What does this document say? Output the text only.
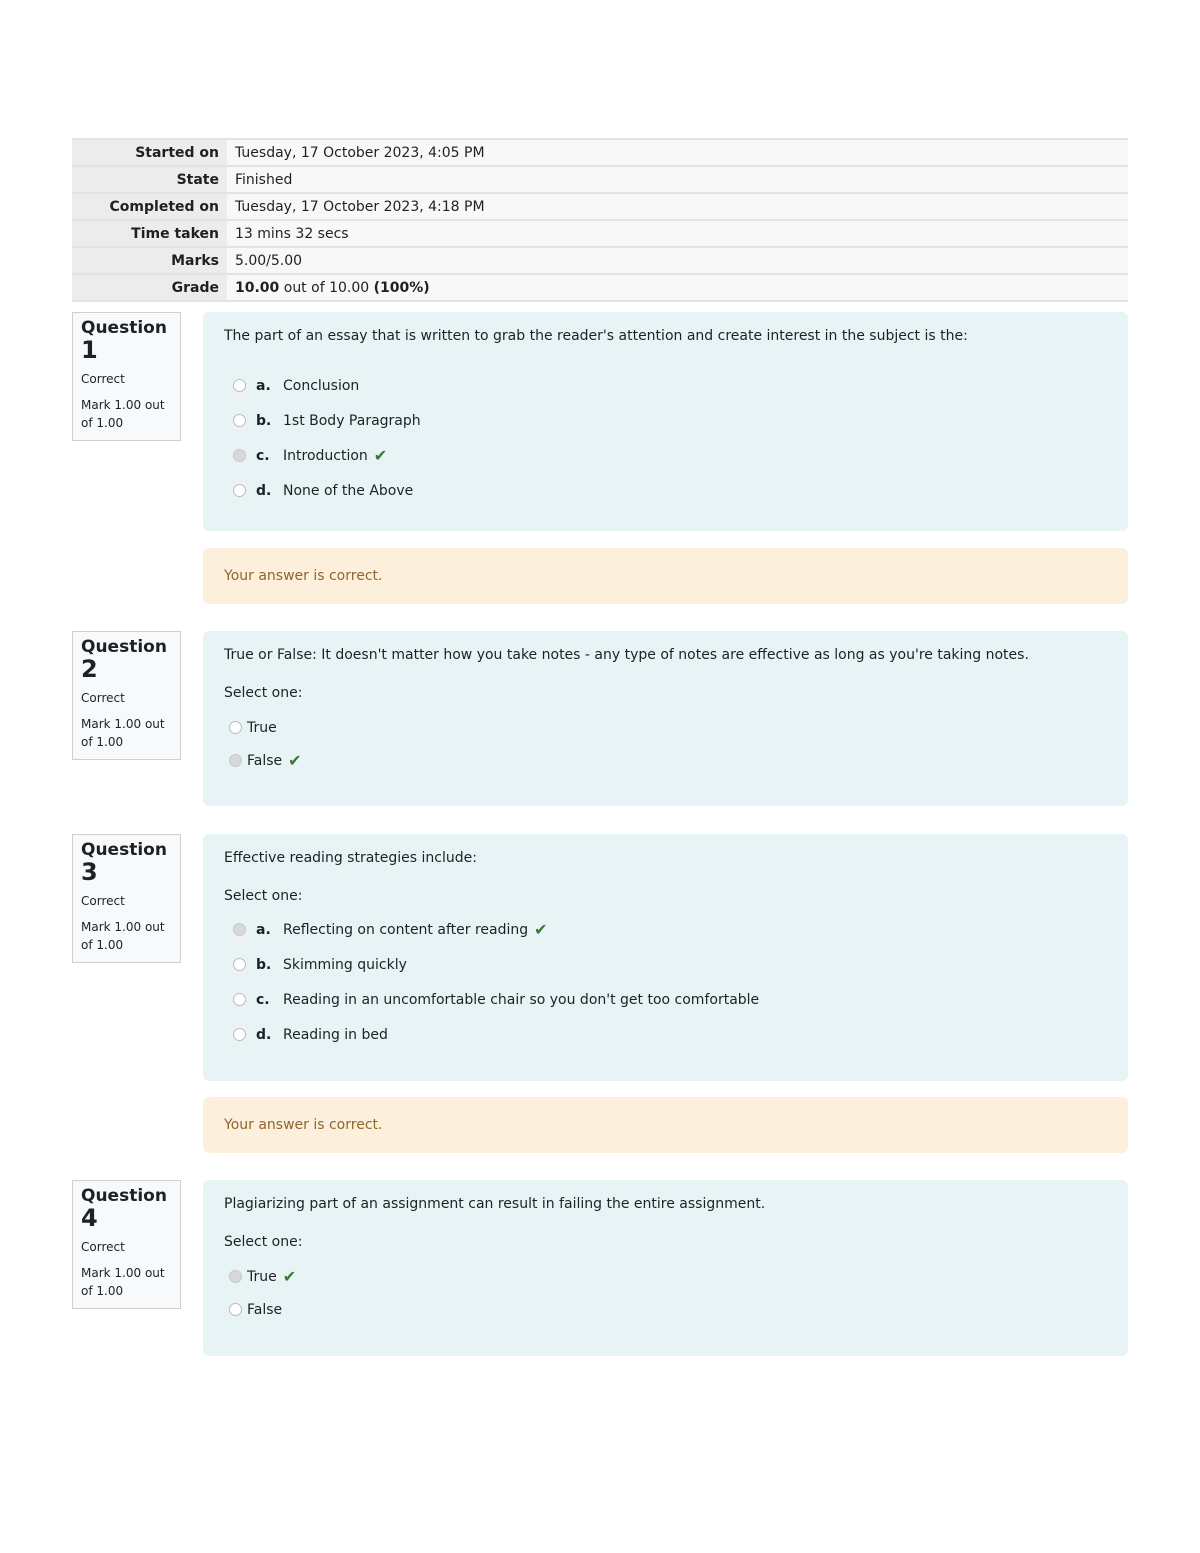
Started on	Tuesday, 17 October 2023, 4:05 PM
State	Finished
Completed on	Tuesday, 17 October 2023, 4:18 PM
Time taken	13 mins 32 secs
Marks	5.00/5.00
Grade	10.00 out of 10.00 (100%)
Question
1
Correct
Mark 1.00 out of 1.00
The part of an essay that is written to grab the reader's attention and create interest in the subject is the:
a. Conclusion
b. 1st Body Paragraph
c. Introduction ✔
d. None of the Above
Your answer is correct.
Question
2
Correct
Mark 1.00 out of 1.00
True or False: It doesn't matter how you take notes - any type of notes are effective as long as you're taking notes.
Select one:
True
False ✔
Question
3
Correct
Mark 1.00 out of 1.00
Effective reading strategies include:
Select one:
a. Reflecting on content after reading ✔
b. Skimming quickly
c. Reading in an uncomfortable chair so you don't get too comfortable
d. Reading in bed
Your answer is correct.
Question
4
Correct
Mark 1.00 out of 1.00
Plagiarizing part of an assignment can result in failing the entire assignment.
Select one:
True ✔
False
